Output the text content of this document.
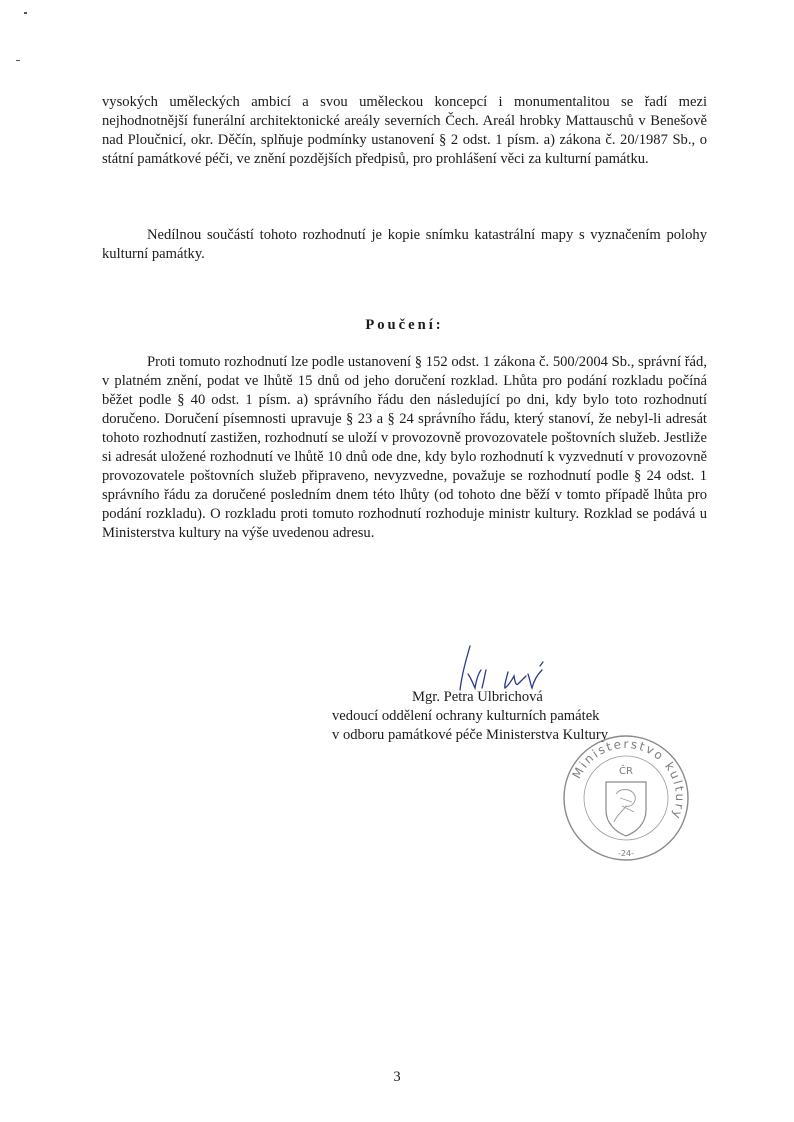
vysokých uměleckých ambicí a svou uměleckou koncepcí i monumentalitou se řadí mezi nejhodnotnější funerální architektonické areály severních Čech. Areál hrobky Mattauschů v Benešově nad Ploučnicí, okr. Děčín, splňuje podmínky ustanovení § 2 odst. 1 písm. a) zákona č. 20/1987 Sb., o státní památkové péči, ve znění pozdějších předpisů, pro prohlášení věci za kulturní památku.

Nedílnou součástí tohoto rozhodnutí je kopie snímku katastrální mapy s vyznačením polohy kulturní památky.

Poučení:

Proti tomuto rozhodnutí lze podle ustanovení § 152 odst. 1 zákona č. 500/2004 Sb., správní řád, v platném znění, podat ve lhůtě 15 dnů od jeho doručení rozklad. Lhůta pro podání rozkladu počíná běžet podle § 40 odst. 1 písm. a) správního řádu den následující po dni, kdy bylo toto rozhodnutí doručeno. Doručení písemnosti upravuje § 23 a § 24 správního řádu, který stanoví, že nebyl-li adresát tohoto rozhodnutí zastižen, rozhodnutí se uloží v provozovně provozovatele poštovních služeb. Jestliže si adresát uložené rozhodnutí ve lhůtě 10 dnů ode dne, kdy bylo rozhodnutí k vyzvednutí v provozovně provozovatele poštovních služeb připraveno, nevyzvedne, považuje se rozhodnutí podle § 24 odst. 1 správního řádu za doručené posledním dnem této lhůty (od tohoto dne běží v tomto případě lhůta pro podání rozkladu). O rozkladu proti tomuto rozhodnutí rozhoduje ministr kultury. Rozklad se podává u Ministerstva kultury na výše uvedenou adresu.

Mgr. Petra Ulbrichová
vedoucí oddělení ochrany kulturních památek
v odboru památkové péče Ministerstva Kultury
Ministerstvo kultury
ČR
-24-
3
